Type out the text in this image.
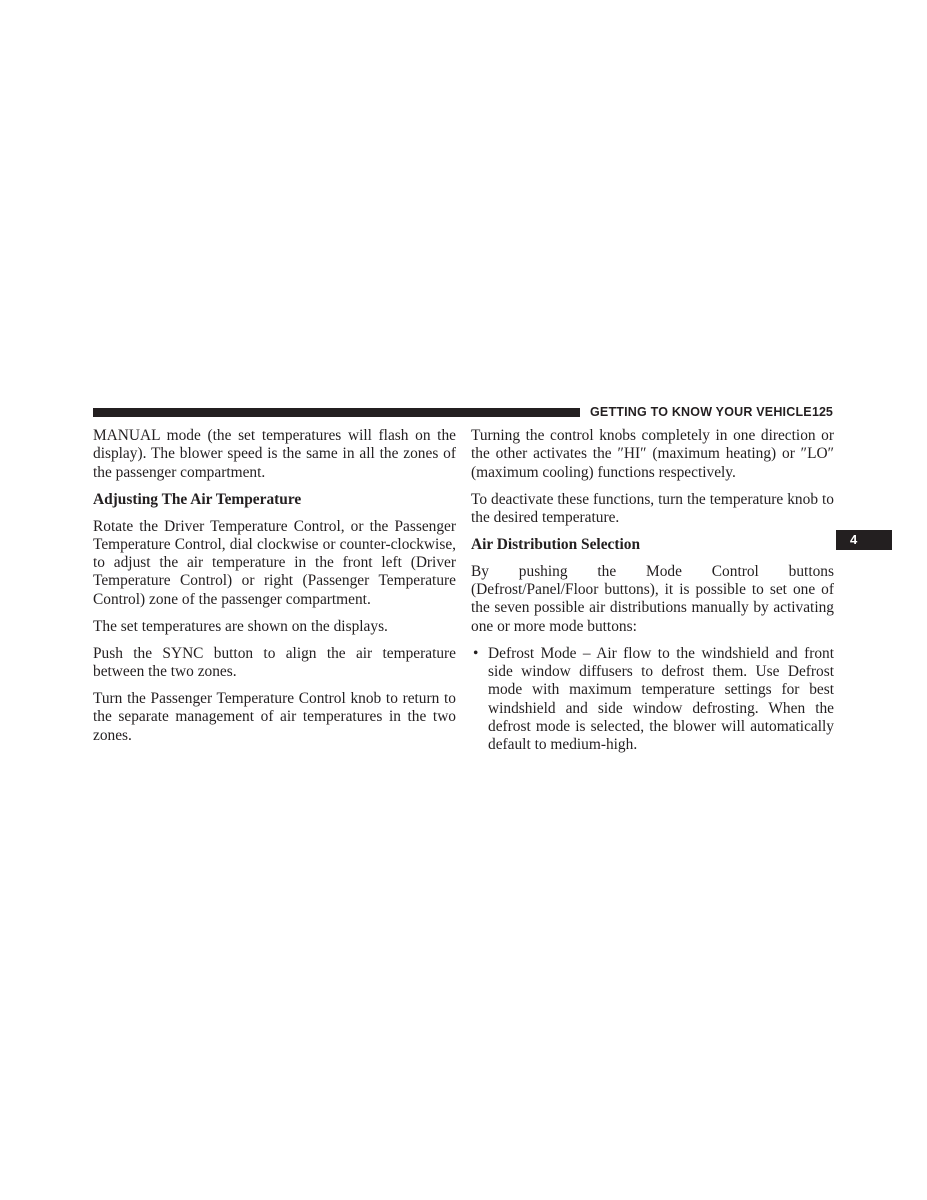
GETTING TO KNOW YOUR VEHICLE 125
4

MANUAL mode (the set temperatures will flash on the display). The blower speed is the same in all the zones of the passenger compartment.

Adjusting The Air Temperature

Rotate the Driver Temperature Control, or the Passenger Temperature Control, dial clockwise or counter-clockwise, to adjust the air temperature in the front left (Driver Temperature Control) or right (Passenger Temperature Control) zone of the passenger compartment.

The set temperatures are shown on the displays.

Push the SYNC button to align the air temperature between the two zones.

Turn the Passenger Temperature Control knob to return to the separate management of air temperatures in the two zones.

Turning the control knobs completely in one direction or the other activates the ″HI″ (maximum heating) or ″LO″ (maximum cooling) functions respectively.

To deactivate these functions, turn the temperature knob to the desired temperature.

Air Distribution Selection

By pushing the Mode Control buttons (Defrost/Panel/Floor buttons), it is possible to set one of the seven possible air distributions manually by activating one or more mode buttons:

• Defrost Mode – Air flow to the windshield and front side window diffusers to defrost them. Use Defrost mode with maximum temperature settings for best windshield and side window defrosting. When the defrost mode is selected, the blower will automatically default to medium-high.
